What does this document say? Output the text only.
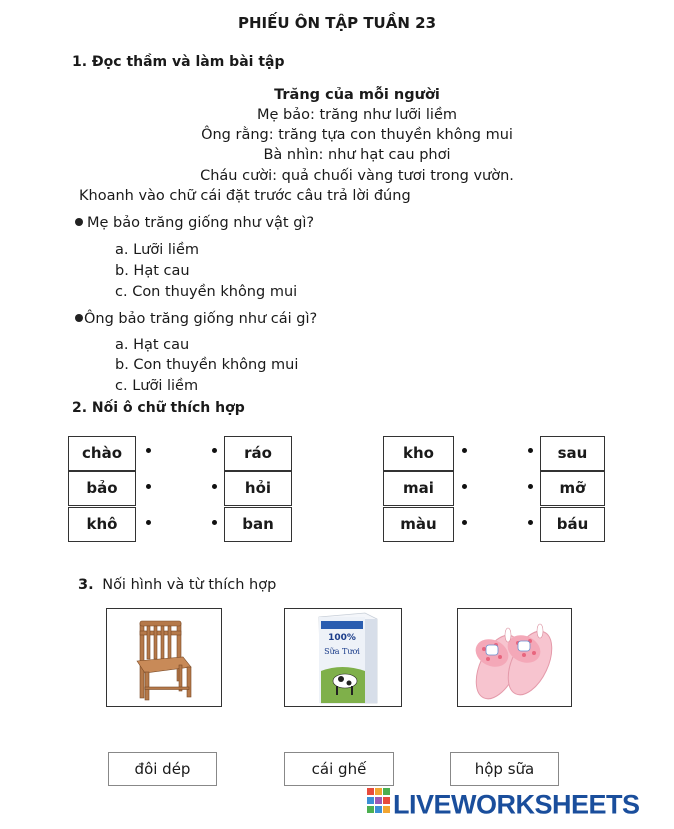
PHIẾU ÔN TẬP TUẦN 23
1. Đọc thầm và làm bài tập
Trăng của mỗi người
Mẹ bảo: trăng như lưỡi liềm
Ông rằng: trăng tựa con thuyền không mui
Bà nhìn: như hạt cau phơi
Cháu cười: quả chuối vàng tươi trong vườn.
Khoanh vào chữ cái đặt trước câu trả lời đúng
Mẹ bảo trăng giống như vật gì?
a. Lưỡi liềm
b. Hạt cau
c. Con thuyền không mui
Ông bảo trăng giống như cái gì?
a. Hạt cau
b. Con thuyền không mui
c. Lưỡi liềm
2. Nối ô chữ thích hợp
chào
bảo
khô
ráo
hỏi
ban
kho
mai
màu
sau
mỡ
báu
3. Nối hình và từ thích hợp
100%
Sữa Tươi
đôi dép	cái ghế	hộp sữa
LIVEWORKSHEETS
